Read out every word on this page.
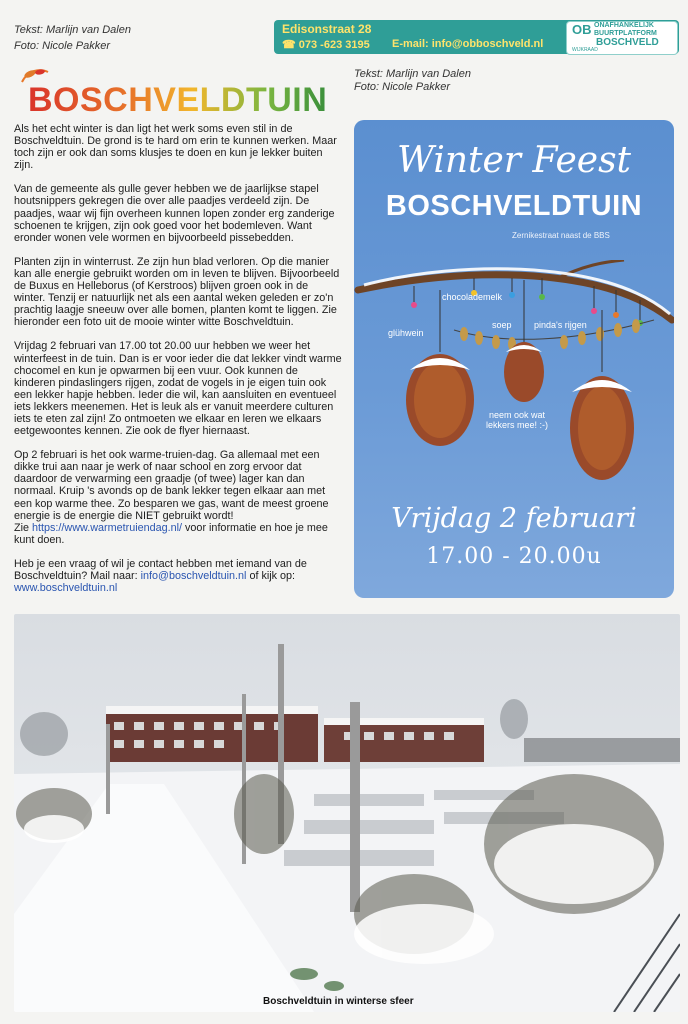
Tekst: Marlijn van Dalen
Foto: Nicole Pakker
Edisonstraat 28
☎ 073 -623 3195 E-mail: info@obboschveld.nl
OB ONAFHANKELIJK
BUURTPLATFORM
BOSCHVELD
WIJKRAAD
BOSCHVELDTUIN
Tekst: Marlijn van Dalen
Foto: Nicole Pakker

Als het echt winter is dan ligt het werk soms even stil in de Boschveldtuin. De grond is te hard om erin te kunnen werken. Maar toch zijn er ook dan soms klusjes te doen en kun je lekker buiten zijn.

Van de gemeente als gulle gever hebben we de jaarlijkse stapel houtsnippers gekregen die over alle paadjes verdeeld zijn. De paadjes, waar wij fijn overheen kunnen lopen zonder erg zanderige schoenen te krijgen, zijn ook goed voor het bodemleven. Want eronder wonen vele wormen en bijvoorbeeld pissebedden.

Planten zijn in winterrust. Ze zijn hun blad verloren. Op die manier kan alle energie gebruikt worden om in leven te blijven. Bijvoorbeeld de Buxus en Helleborus (of Kerstroos) blijven groen ook in de winter. Tenzij er natuurlijk net als een aantal weken geleden er zo'n prachtig laagje sneeuw over alle bomen, planten komt te liggen. Zie hieronder een foto uit de mooie winter witte Boschveldtuin.

Vrijdag 2 februari van 17.00 tot 20.00 uur hebben we weer het winterfeest in de tuin. Dan is er voor ieder die dat lekker vindt warme chocomel en kun je opwarmen bij een vuur. Ook kunnen de kinderen pindaslingers rijgen, zodat de vogels in je eigen tuin ook een lekker hapje hebben. Ieder die wil, kan aansluiten en eventueel iets lekkers meenemen. Het is leuk als er vanuit meerdere culturen iets te eten zal zijn! Zo ontmoeten we elkaar en leren we elkaars eetgewoontes kennen. Zie ook de flyer hiernaast.

Op 2 februari is het ook warme-truien-dag. Ga allemaal met een dikke trui aan naar je werk of naar school en zorg ervoor dat daardoor de verwarming een graadje (of twee) lager kan dan normaal. Kruip 's avonds op de bank lekker tegen elkaar aan met een kop warme thee. Zo besparen we gas, want de meest groene energie is de energie die NIET gebruikt wordt!
Zie https://www.warmetruiendag.nl/ voor informatie en hoe je mee kunt doen.

Heb je een vraag of wil je contact hebben met iemand van de Boschveldtuin? Mail naar: info@boschveldtuin.nl of kijk op:
www.boschveldtuin.nl

Winter Feest
BOSCHVELDTUIN
Zernikestraat naast de BBS
chocolademelk
glühwein
soep pinda's rijgen
neem ook wat
lekkers mee! :-)
Vrijdag 2 februari
17.00 - 20.00u
Boschveldtuin in winterse sfeer
